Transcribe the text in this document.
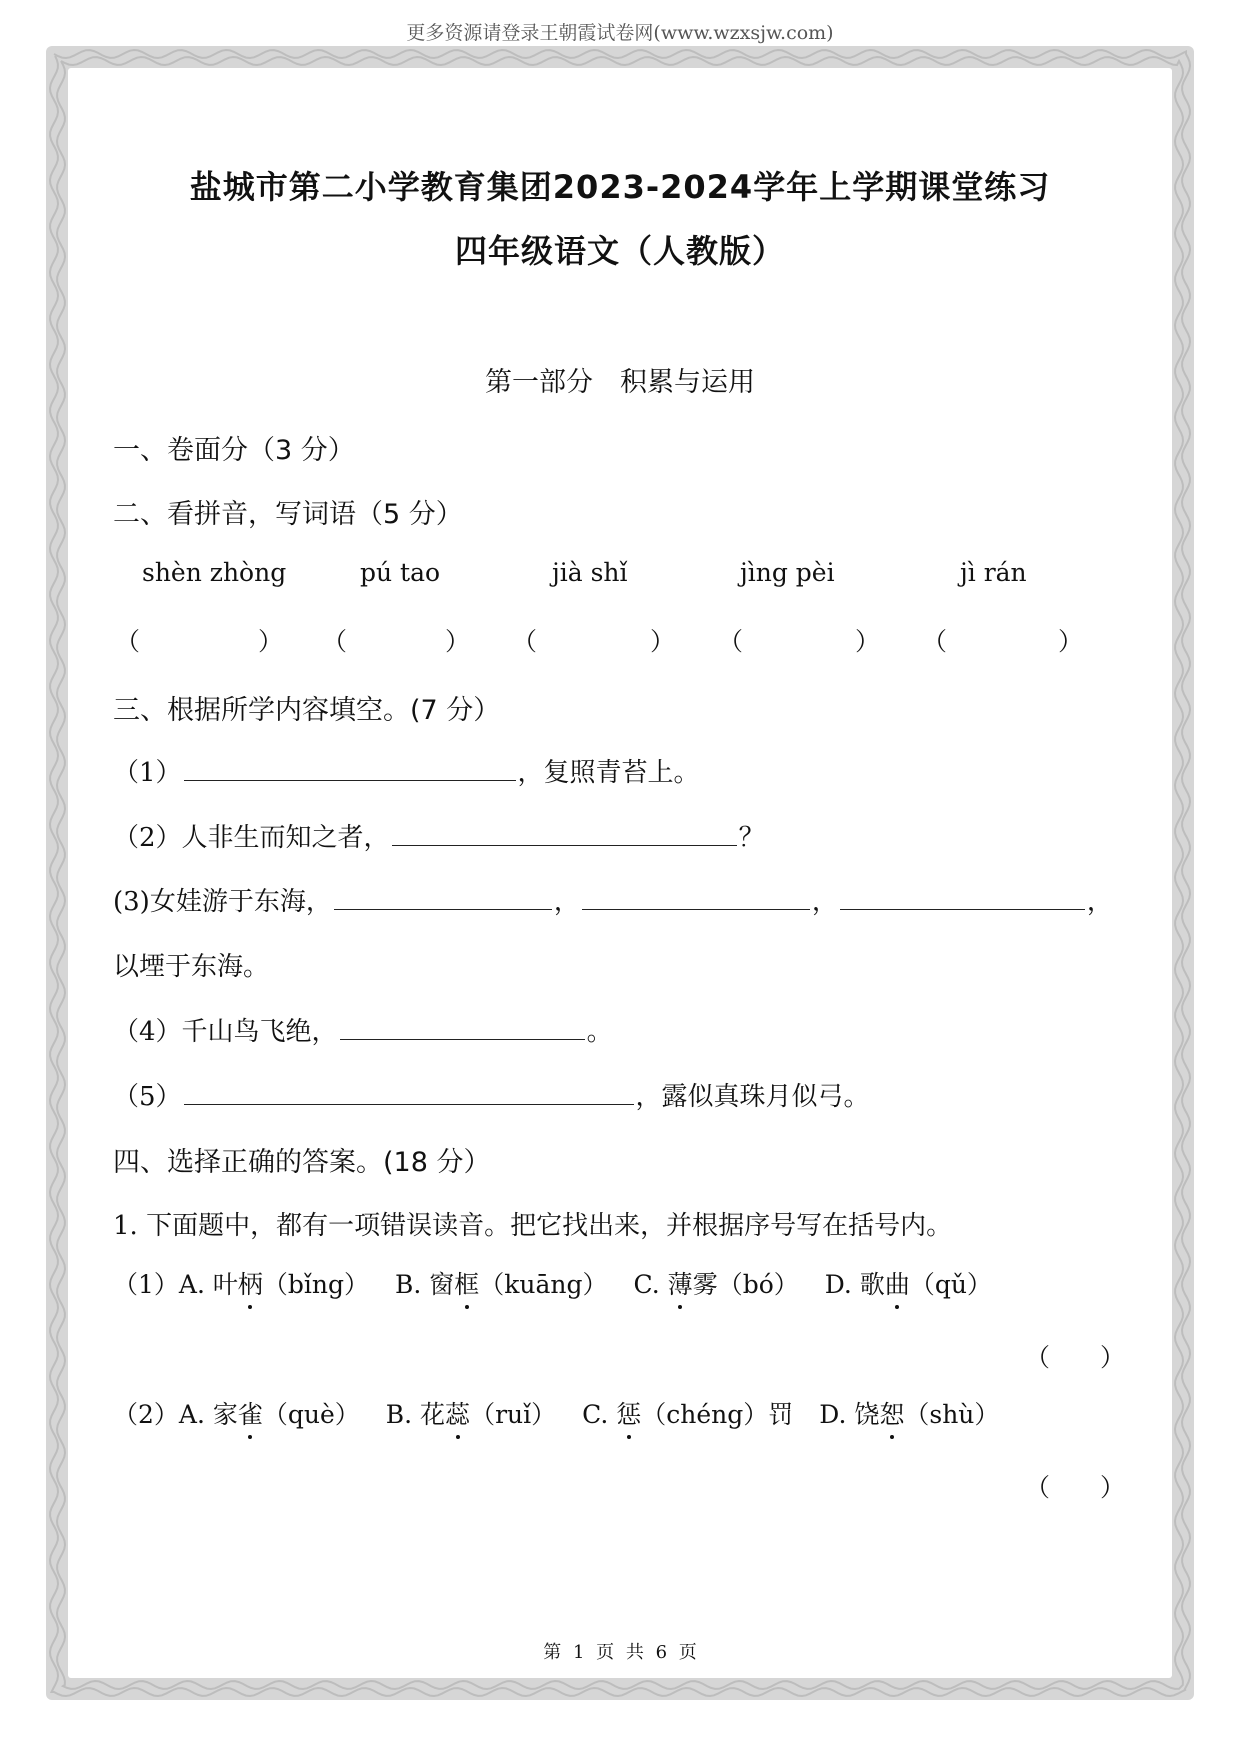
更多资源请登录王朝霞试卷网(www.wzxsjw.com)
盐城市第二小学教育集团2023-2024学年上学期课堂练习
四年级语文（人教版）
第一部分　积累与运用
一、卷面分（3 分）
二、看拼音，写词语（5 分）
shèn zhòng	pú tao	jià shǐ	jìng pèi	jì rán
（	） （	） （	） （	） （	）
三、根据所学内容填空。(7 分）
（1）	，复照青苔上。
（2）人非生而知之者，	？
(3)女娃游于东海，	，	，	，
以堙于东海。
（4）千山鸟飞绝，	。
（5）	，露似真珠月似弓。
四、选择正确的答案。(18 分）
1. 下面题中，都有一项错误读音。把它找出来，并根据序号写在括号内。
（1）A. 叶柄（bǐng） B. 窗框（kuāng） C. 薄雾（bó） D. 歌曲（qǔ）
（　　）
（2）A. 家雀（què） B. 花蕊（ruǐ） C. 惩（chéng）罚 D. 饶恕（shù）
（　　）
第 1 页 共 6 页
